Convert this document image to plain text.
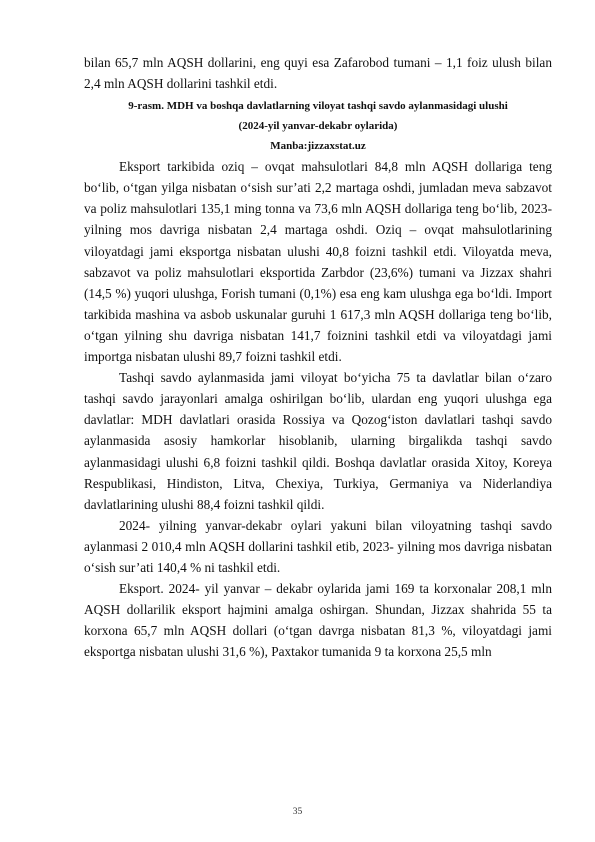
bilan 65,7 mln AQSH dollarini, eng quyi esa Zafarobod tumani – 1,1 foiz ulush bilan 2,4 mln AQSH dollarini tashkil etdi.

9-rasm. MDH va boshqa davlatlarning viloyat tashqi savdo aylanmasidagi ulushi
(2024-yil yanvar-dekabr oylarida)
Manba:jizzaxstat.uz

Eksport tarkibida oziq – ovqat mahsulotlari 84,8 mln AQSH dollariga teng bo‘lib, o‘tgan yilga nisbatan o‘sish sur’ati 2,2 martaga oshdi, jumladan meva sabzavot va poliz mahsulotlari 135,1 ming tonna va 73,6 mln AQSH dollariga teng bo‘lib, 2023- yilning mos davriga nisbatan 2,4 martaga oshdi. Oziq – ovqat mahsulotlarining viloyatdagi jami eksportga nisbatan ulushi 40,8 foizni tashkil etdi. Viloyatda meva, sabzavot va poliz mahsulotlari eksportida Zarbdor (23,6%) tumani va Jizzax shahri (14,5 %) yuqori ulushga, Forish tumani (0,1%) esa eng kam ulushga ega bo‘ldi. Import tarkibida mashina va asbob uskunalar guruhi 1 617,3 mln AQSH dollariga teng bo‘lib, o‘tgan yilning shu davriga nisbatan 141,7 foiznini tashkil etdi va viloyatdagi jami importga nisbatan ulushi 89,7 foizni tashkil etdi.

Tashqi savdo aylanmasida jami viloyat bo‘yicha 75 ta davlatlar bilan o‘zaro tashqi savdo jarayonlari amalga oshirilgan bo‘lib, ulardan eng yuqori ulushga ega davlatlar: MDH davlatlari orasida Rossiya va Qozog‘iston davlatlari tashqi savdo aylanmasida asosiy hamkorlar hisoblanib, ularning birgalikda tashqi savdo aylanmasidagi ulushi 6,8 foizni tashkil qildi. Boshqa davlatlar orasida Xitoy, Koreya Respublikasi, Hindiston, Litva, Chexiya, Turkiya, Germaniya va Niderlandiya davlatlarining ulushi 88,4 foizni tashkil qildi.

2024- yilning yanvar-dekabr oylari yakuni bilan viloyatning tashqi savdo aylanmasi 2 010,4 mln AQSH dollarini tashkil etib, 2023- yilning mos davriga nisbatan o‘sish sur’ati 140,4 % ni tashkil etdi.

Eksport. 2024- yil yanvar – dekabr oylarida jami 169 ta korxonalar 208,1 mln AQSH dollarilik eksport hajmini amalga oshirgan. Shundan, Jizzax shahrida 55 ta korxona 65,7 mln AQSH dollari (o‘tgan davrga nisbatan 81,3 %, viloyatdagi jami eksportga nisbatan ulushi 31,6 %), Paxtakor tumanida 9 ta korxona 25,5 mln

35
